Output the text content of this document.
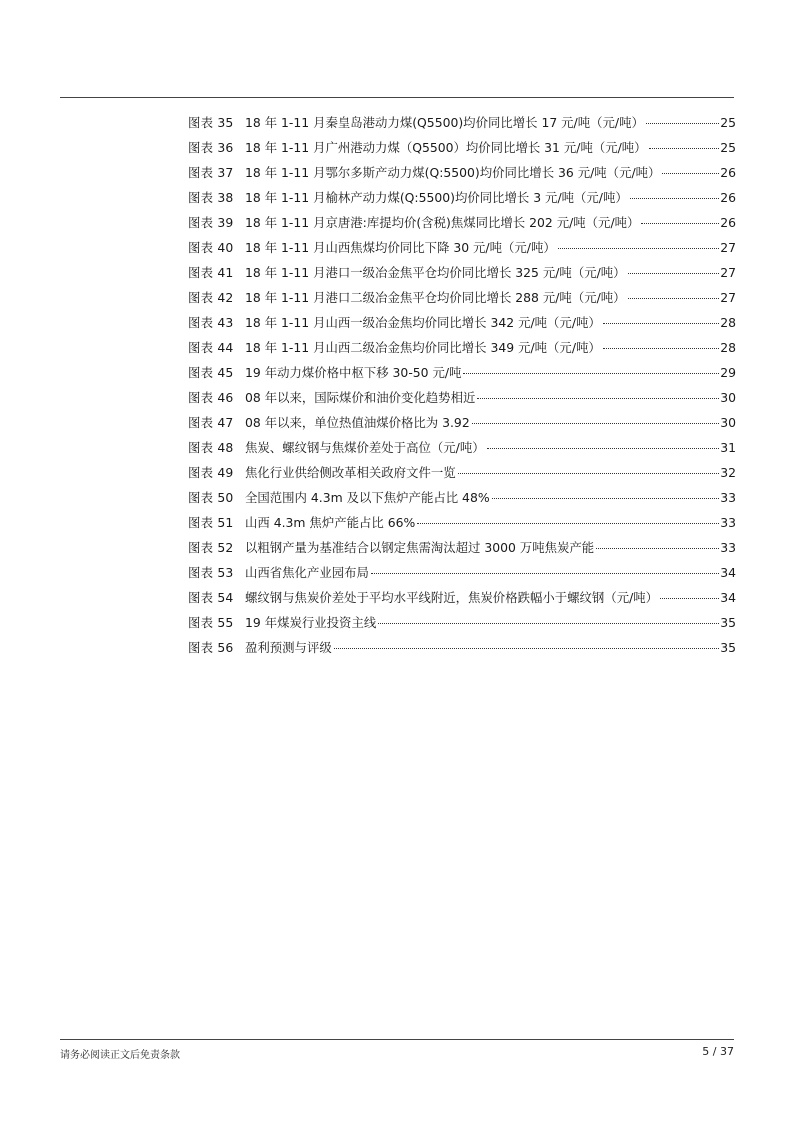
图表 35 18 年 1-11 月秦皇岛港动力煤(Q5500)均价同比增长 17 元/吨（元/吨）	25
图表 36 18 年 1-11 月广州港动力煤（Q5500）均价同比增长 31 元/吨（元/吨）	25
图表 37 18 年 1-11 月鄂尔多斯产动力煤(Q:5500)均价同比增长 36 元/吨（元/吨）	26
图表 38 18 年 1-11 月榆林产动力煤(Q:5500)均价同比增长 3 元/吨（元/吨）	26
图表 39 18 年 1-11 月京唐港:库提均价(含税)焦煤同比增长 202 元/吨（元/吨）	26
图表 40 18 年 1-11 月山西焦煤均价同比下降 30 元/吨（元/吨）	27
图表 41 18 年 1-11 月港口一级冶金焦平仓均价同比增长 325 元/吨（元/吨）	27
图表 42 18 年 1-11 月港口二级冶金焦平仓均价同比增长 288 元/吨（元/吨）	27
图表 43 18 年 1-11 月山西一级冶金焦均价同比增长 342 元/吨（元/吨）	28
图表 44 18 年 1-11 月山西二级冶金焦均价同比增长 349 元/吨（元/吨）	28
图表 45 19 年动力煤价格中枢下移 30-50 元/吨	29
图表 46 08 年以来，国际煤价和油价变化趋势相近	30
图表 47 08 年以来，单位热值油煤价格比为 3.92	30
图表 48 焦炭、螺纹钢与焦煤价差处于高位（元/吨）	31
图表 49 焦化行业供给侧改革相关政府文件一览	32
图表 50 全国范围内 4.3m 及以下焦炉产能占比 48%	33
图表 51 山西 4.3m 焦炉产能占比 66%	33
图表 52 以粗钢产量为基准结合以钢定焦需淘汰超过 3000 万吨焦炭产能	33
图表 53 山西省焦化产业园布局	34
图表 54 螺纹钢与焦炭价差处于平均水平线附近，焦炭价格跌幅小于螺纹钢（元/吨）	34
图表 55 19 年煤炭行业投资主线	35
图表 56 盈利预测与评级	35
请务必阅读正文后免责条款	5 / 37
